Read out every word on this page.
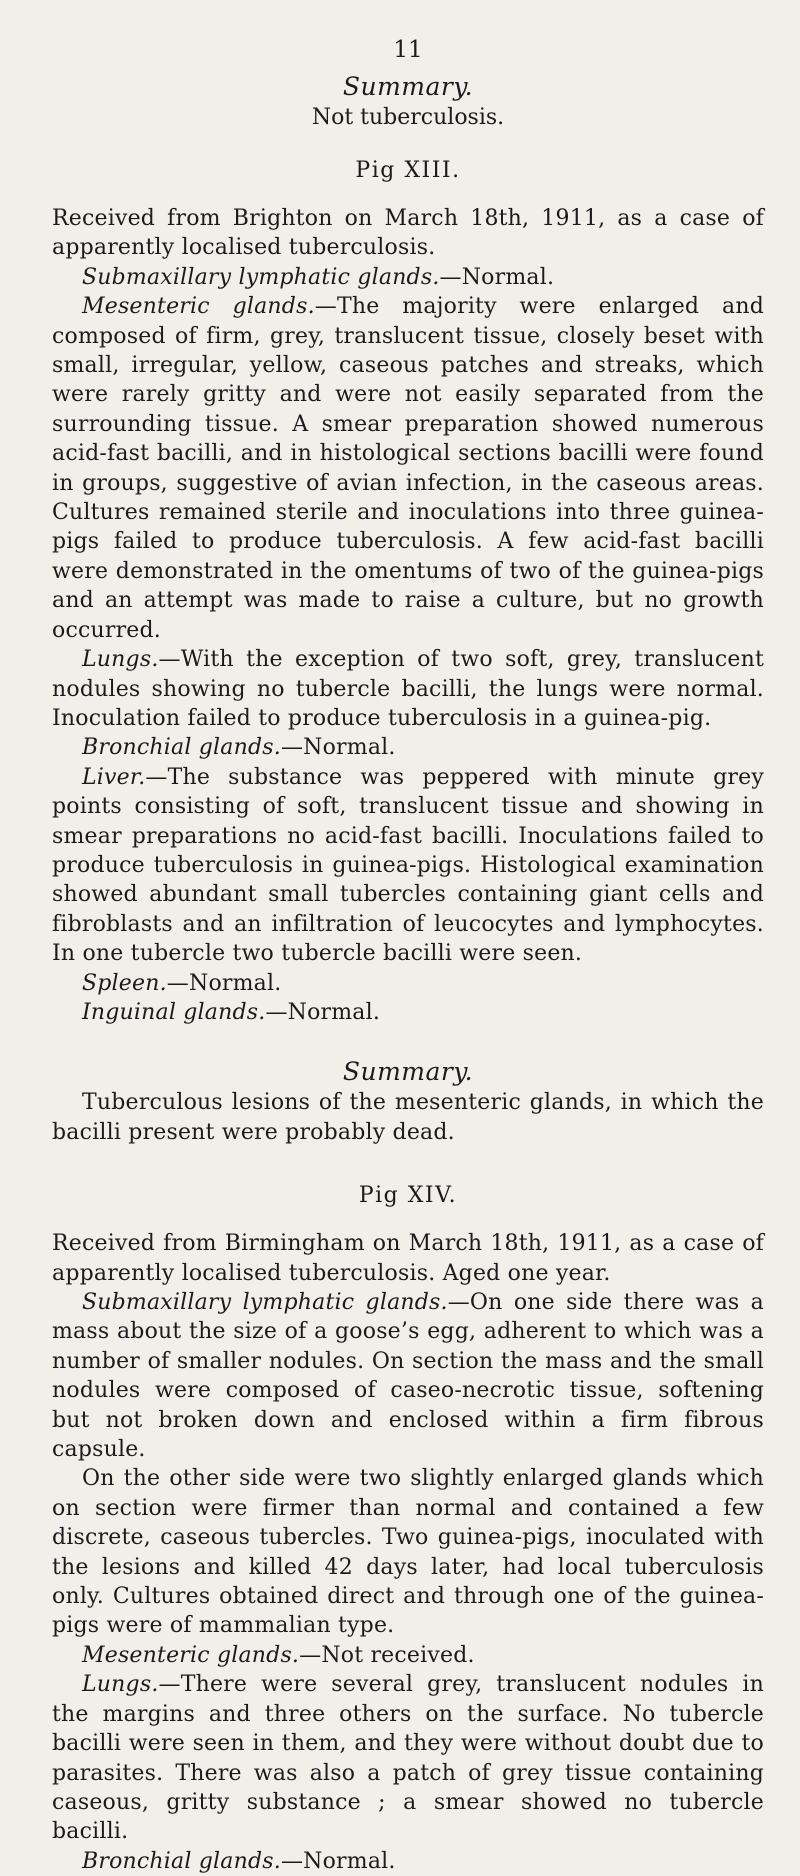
11
Summary.
Not tuberculosis.
Pig XIII.

Received from Brighton on March 18th, 1911, as a case of apparently localised tuberculosis.

Submaxillary lymphatic glands.—Normal.

Mesenteric glands.—The majority were enlarged and composed of firm, grey, translucent tissue, closely beset with small, irregular, yellow, caseous patches and streaks, which were rarely gritty and were not easily separated from the surrounding tissue. A smear preparation showed numerous acid-fast bacilli, and in histological sections bacilli were found in groups, suggestive of avian infection, in the caseous areas. Cultures remained sterile and inoculations into three guinea-pigs failed to produce tuberculosis. A few acid-fast bacilli were demonstrated in the omentums of two of the guinea-pigs and an attempt was made to raise a culture, but no growth occurred.

Lungs.—With the exception of two soft, grey, translucent nodules showing no tubercle bacilli, the lungs were normal. Inoculation failed to produce tuberculosis in a guinea-pig.

Bronchial glands.—Normal.

Liver.—The substance was peppered with minute grey points consisting of soft, translucent tissue and showing in smear preparations no acid-fast bacilli. Inoculations failed to produce tuberculosis in guinea-pigs. Histological examination showed abundant small tubercles containing giant cells and fibroblasts and an infiltration of leucocytes and lymphocytes. In one tubercle two tubercle bacilli were seen.

Spleen.—Normal.

Inguinal glands.—Normal.

Summary.

Tuberculous lesions of the mesenteric glands, in which the bacilli present were probably dead.

Pig XIV.

Received from Birmingham on March 18th, 1911, as a case of apparently localised tuberculosis. Aged one year.

Submaxillary lymphatic glands.—On one side there was a mass about the size of a goose’s egg, adherent to which was a number of smaller nodules. On section the mass and the small nodules were composed of caseo-necrotic tissue, softening but not broken down and enclosed within a firm fibrous capsule.

On the other side were two slightly enlarged glands which on section were firmer than normal and contained a few discrete, caseous tubercles. Two guinea-pigs, inoculated with the lesions and killed 42 days later, had local tuberculosis only. Cultures obtained direct and through one of the guinea-pigs were of mammalian type.

Mesenteric glands.—Not received.

Lungs.—There were several grey, translucent nodules in the margins and three others on the surface. No tubercle bacilli were seen in them, and they were without doubt due to parasites. There was also a patch of grey tissue containing caseous, gritty substance ; a smear showed no tubercle bacilli.

Bronchial glands.—Normal.
